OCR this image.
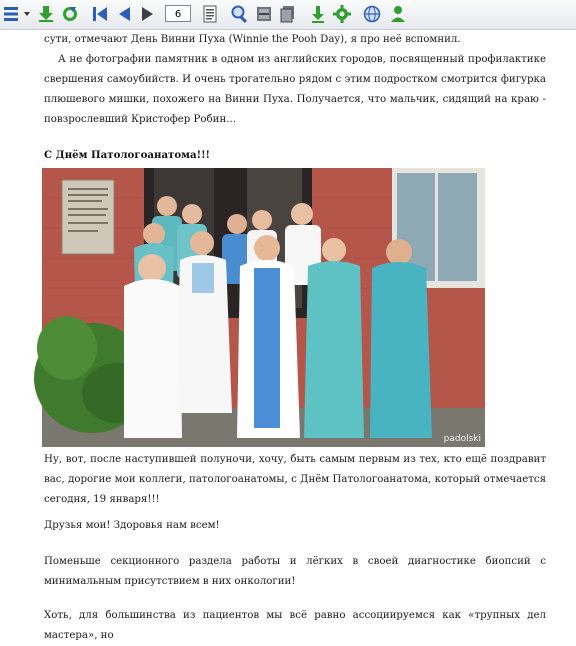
6

сути, отмечают День Винни Пуха (Winnie the Pooh Day), я про неё вспомнил.

А не фотографии памятник в одном из английских городов, посвященный профилактике свершения самоубийств. И очень трогательно рядом с этим подростком смотрится фигурка плюшевого мишки, похожего на Винни Пуха. Получается, что мальчик, сидящий на краю - повзрослевший Кристофер Робин...

С Днём Патологоанатома!!!
padolski

Ну, вот, после наступившей полуночи, хочу, быть самым первым из тех, кто ещё поздравит вас, дорогие мои коллеги, патологоанатомы, с Днём Патологоанатома, который отмечается сегодня, 19 января!!!

Друзья мои! Здоровья нам всем!

Поменьше секционного раздела работы и лёгких в своей диагностике биопсий с минимальным присутствием в них онкологии!

Хоть, для большинства из пациентов мы всё равно ассоциируемся как «трупных дел мастера», но
